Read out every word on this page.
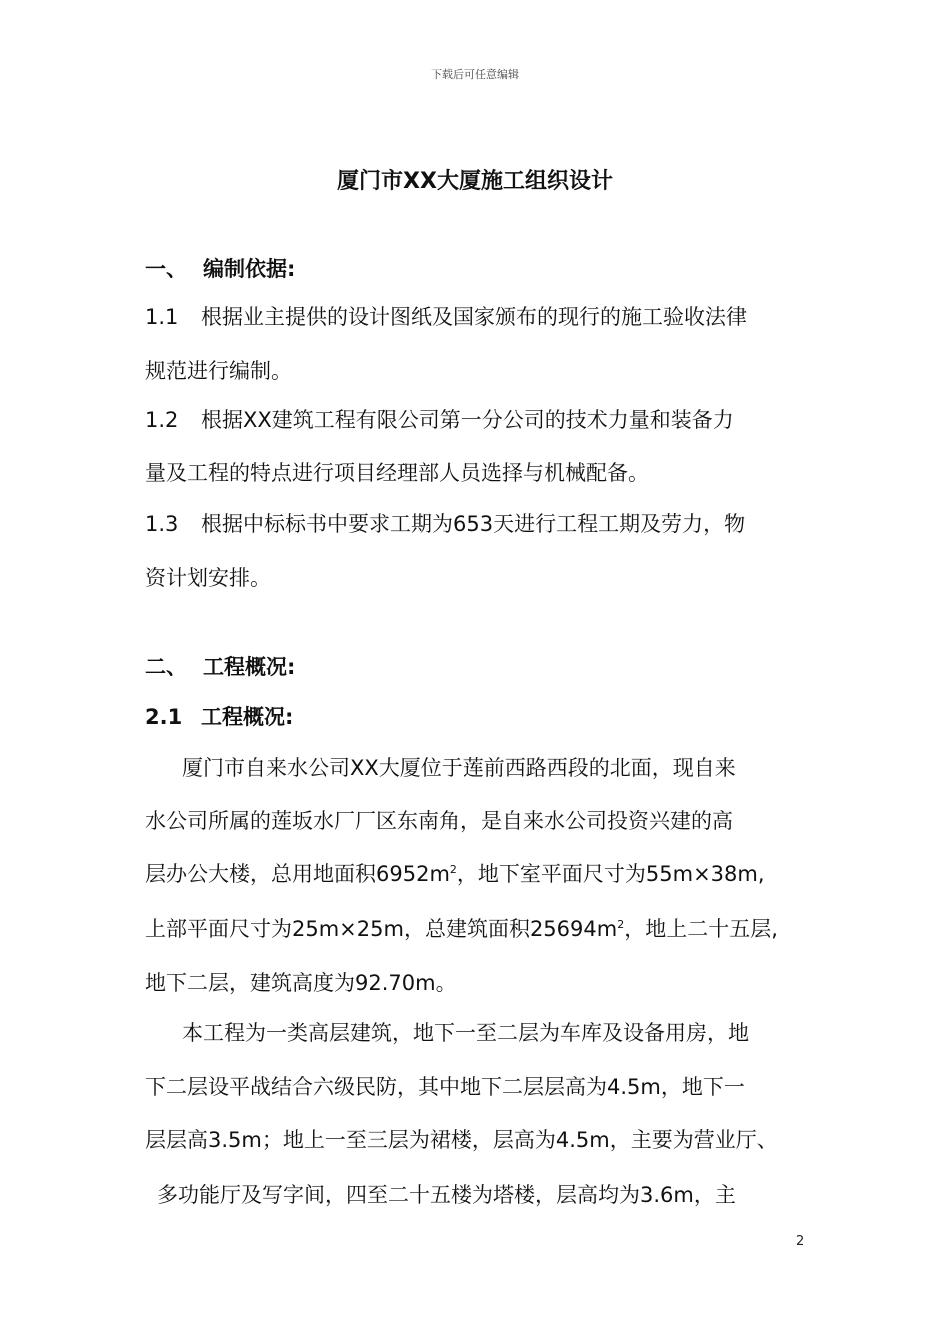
下载后可任意编辑
厦门市XX大厦施工组织设计
一、 编制依据:
1.1 根据业主提供的设计图纸及国家颁布的现行的施工验收法律
规范进行编制。
1.2 根据XX建筑工程有限公司第一分公司的技术力量和装备力
量及工程的特点进行项目经理部人员选择与机械配备。
1.3 根据中标标书中要求工期为653天进行工程工期及劳力，物
资计划安排。
二、 工程概况:
2.1 工程概况:
厦门市自来水公司XX大厦位于莲前西路西段的北面，现自来
水公司所属的莲坂水厂厂区东南角，是自来水公司投资兴建的高
层办公大楼，总用地面积$6952m^2$，地下室平面尺寸为55m×38m,
上部平面尺寸为25m×25m，总建筑面积$25694m^2$，地上二十五层,
地下二层，建筑高度为92.70m。
本工程为一类高层建筑，地下一至二层为车库及设备用房，地
下二层设平战结合六级民防，其中地下二层层高为4.5m，地下一
层层高3.5m；地上一至三层为裙楼，层高为4.5m，主要为营业厅、
多功能厅及写字间，四至二十五楼为塔楼，层高均为3.6m，主
2
